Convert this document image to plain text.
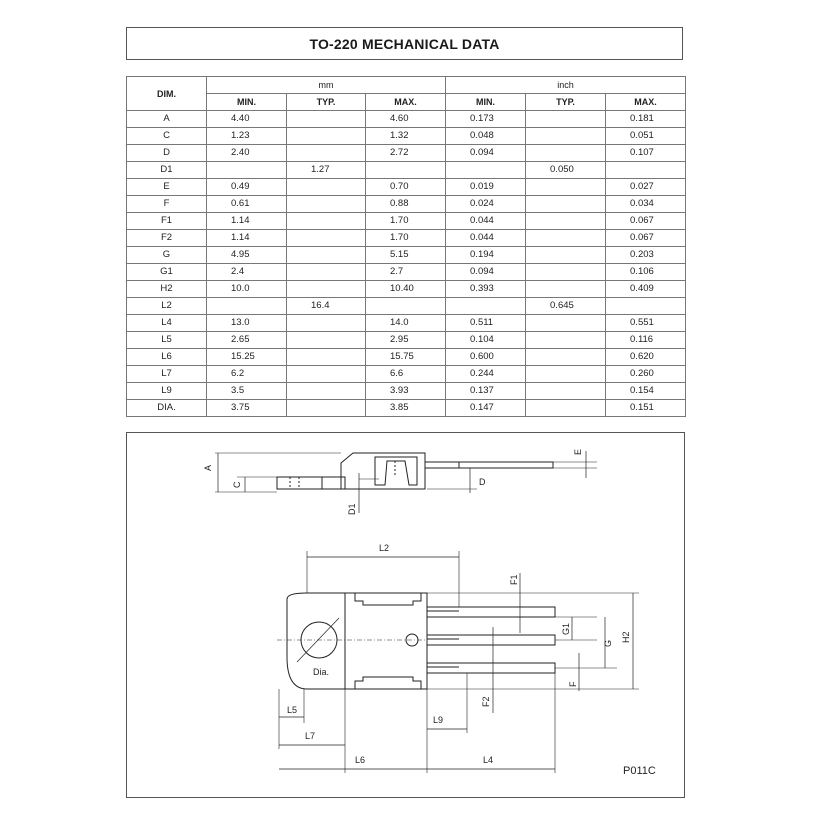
TO-220 MECHANICAL DATA
DIM.	mm			inch		
	MIN.	TYP.	MAX.	MIN.	TYP.	MAX.
A	4.40		4.60	0.173		0.181
C	1.23		1.32	0.048		0.051
D	2.40		2.72	0.094		0.107
D1		1.27			0.050	
E	0.49		0.70	0.019		0.027
F	0.61		0.88	0.024		0.034
F1	1.14		1.70	0.044		0.067
F2	1.14		1.70	0.044		0.067
G	4.95		5.15	0.194		0.203
G1	2.4		2.7	0.094		0.106
H2	10.0		10.40	0.393		0.409
L2		16.4			0.645	
L4	13.0		14.0	0.511		0.551
L5	2.65		2.95	0.104		0.116
L6	15.25		15.75	0.600		0.620
L7	6.2		6.6	0.244		0.260
L9	3.5		3.93	0.137		0.154
DIA.	3.75		3.85	0.147		0.151
A
C	D
D1
E
Dia.
L2
F1
G1
G
H2
F2
F
L5
L9
L7
L6	L4
P011C
